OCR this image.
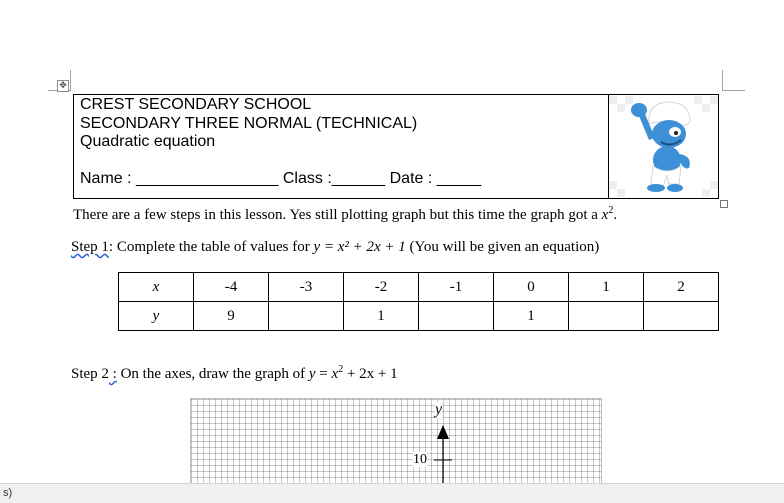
✥
CREST SECONDARY SCHOOL
SECONDARY THREE NORMAL (TECHNICAL)
Quadratic equation
Name : ________________ Class :______ Date : _____
There are a few steps in this lesson. Yes still plotting graph but this time the graph got a $x^2$.
Step 1: Complete the table of values for y = x² + 2x + 1 (You will be given an equation)
x	-4	-3	-2	-1	0	1	2
y	9		1		1		
Step 2 : On the axes, draw the graph of $y = x^2 + 2x + 1$
y
10
s)
